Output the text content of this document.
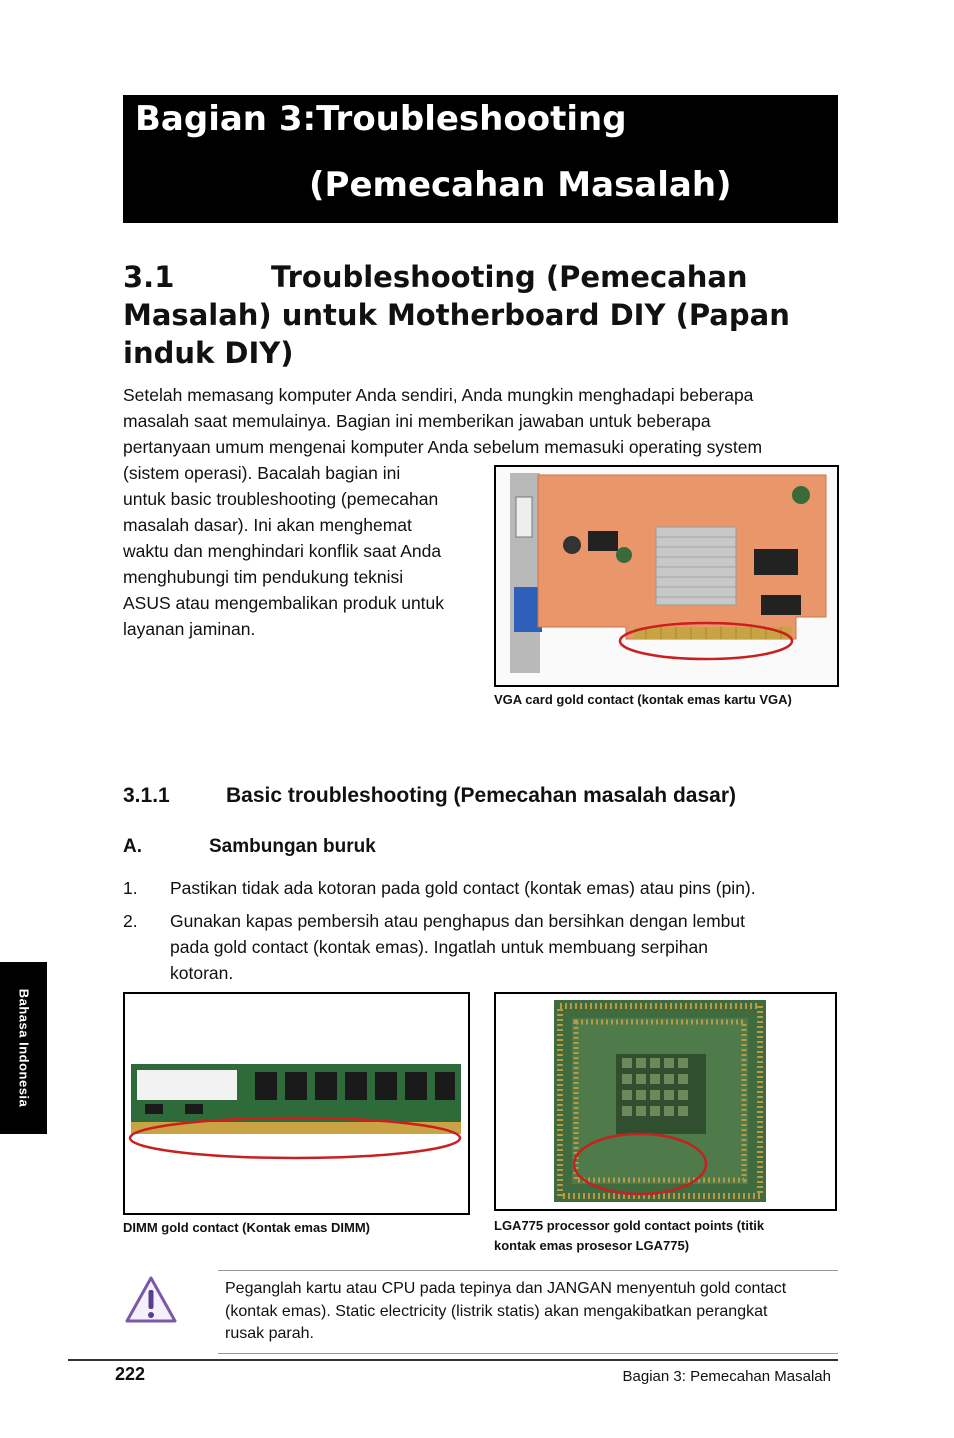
Bagian 3:Troubleshooting
(Pemecahan Masalah)
3.1	Troubleshooting (Pemecahan
Masalah) untuk Motherboard DIY (Papan
induk DIY)
Setelah memasang komputer Anda sendiri, Anda mungkin menghadapi beberapa
masalah saat memulainya. Bagian ini memberikan jawaban untuk beberapa
pertanyaan umum mengenai komputer Anda sebelum memasuki operating system
(sistem operasi). Bacalah bagian ini
untuk basic troubleshooting (pemecahan
masalah dasar). Ini akan menghemat
waktu dan menghindari konflik saat Anda
menghubungi tim pendukung teknisi
ASUS atau mengembalikan produk untuk
layanan jaminan.
VGA card gold contact (kontak emas kartu VGA)
3.1.1	Basic troubleshooting (Pemecahan masalah dasar)
A.	Sambungan buruk
1. Pastikan tidak ada kotoran pada gold contact (kontak emas) atau pins (pin).
2. Gunakan kapas pembersih atau penghapus dan bersihkan dengan lembut
pada gold contact (kontak emas). Ingatlah untuk membuang serpihan
kotoran.
Bahasa Indonesia
DIMM gold contact (Kontak emas DIMM)	LGA775 processor gold contact points (titik
kontak emas prosesor LGA775)
Peganglah kartu atau CPU pada tepinya dan JANGAN menyentuh gold contact
(kontak emas). Static electricity (listrik statis) akan mengakibatkan perangkat
rusak parah.
222	Bagian 3: Pemecahan Masalah
